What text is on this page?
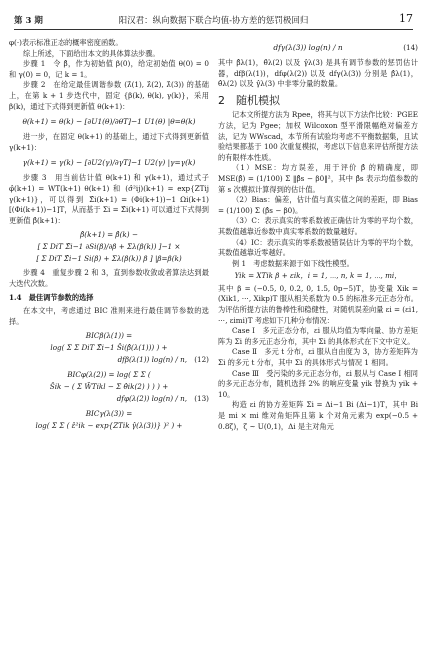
第 3 期	阳汉君：纵向数据下联合均值-协方差的惩罚极回归	17

φ(·)表示标准正态的概率密度函数。

综上所述，下面给出本文的具体算法步骤。

步骤 1　令 β̂，作为初始值 β(0)，给定初始值 θ(0) = 0 和 γ(0) = 0，记 k = 1。

步骤 2　在给定最佳调谐参数 (λ̂(1), λ̂(2), λ̂(3)) 的基础上，在第 k + 1 步迭代中，固定 {β(k), θ(k), γ(k)}，采用 β(k)，通过下式得到更新值 θ(k+1)：

θ(k+1) = θ(k) − [∂U1(θ)/∂θT]−1 U1(θ) |θ=θ(k)

进一步，在固定 θ(k+1) 的基础上，通过下式得到更新值 γ(k+1)：

γ(k+1) = γ(k) − [∂U2(γ)/∂γT]−1 U2(γ) |γ=γ(k)

步骤 3　用当前估计值 θ(k+1) 和 γ(k+1)，通过式子 φ̂(k+1) = WT(k+1) θ(k+1) 和 (σ̂²ij)(k+1) = exp{ZTij γ(k+1)}，可以得到 Σ̂i(k+1) = (Φi(k+1))−1 Ωi(k+1) [(Φi(k+1))−1]T，从而基于 Σi = Σ̂i(k+1) 可以通过下式得到更新值 β̂(k+1)：

β̂(k+1) = β̂(k) −
[ Σ DiT Σ̂i−1 ∂Si(β)/∂β + Σλ(β(k)) ]−1 ×
[ Σ DiT Σ̂i−1 Si(β) + Σλ(β(k)) β ] |β=β(k)

步骤 4　重复步骤 2 和 3，直到参数收敛或者算法达到最大迭代次数。

1.4　最佳调节参数的选择

在本文中，考虑通过 BIC 准则来进行最佳调节参数的选择。

BICβ(λ(1)) =
log( Σ Σ DiT Σ̂i−1 Ŝi(β̂(λ(1))) ) +
dfβ(λ(1)) log(n) / n, (12)
BICφ(λ(2)) = log( Σ Σ (
Ŝik − ( Σ W̃Tikl − Σ θ̂ik(2) ) ) ) +
dfφ(λ(2)) log(n) / n, (13)
BICγ(λ(3)) =
log( Σ Σ ( ε̂²ik − exp{ZTik γ̂(λ(3))} )² ) +
dfγ(λ(3)) log(n) / n	(14)

其中 β̂λ(1)，θ̂λ(2) 以及 γ̂λ(3) 是具有调节参数的惩罚估计器，dfβ(λ(1))，dfφ(λ(2)) 以及 dfγ(λ(3)) 分别是 β̂λ(1)，θ̂λ(2) 以及 γ̂λ(3) 中非零分量的数量。

2　随机模拟

记本文所提方法为 Rpee，将其与以下方法作比较：PGEE 方法，记为 Pgee；加权 Wilcoxon 型平滑限幅绝对偏差方法，记为 WWscad，本节所有试验均考虑不平衡数据集，且试验结果都基于 100 次重复模拟，考虑以下信息来评估所提方法的有限样本性质。

（1）MSE：均方误差，用于评价 β̂ 的精确度，即 MSE(β̂) = (1/100) Σ ‖β̂s − β0‖²，其中 β̂s 表示均值参数的第 s 次模拟计算得到的估计值。

（2）Bias：偏差，估计值与真实值之间的差距，即 Bias = (1/100) Σ (β̂s − β0)。

（3）C：表示真实的零系数被正确估计为零的平均个数，其数值越靠近参数中真实零系数的数量越好。

（4）IC：表示真实的零系数被错误估计为零的平均个数，其数值越靠近零越好。

例 1　考虑数据来源于如下线性模型。

Yik = XTik β + εik，i = 1, ⋯, n, k = 1, ⋯, mi，

其中 β = (−0.5, 0, 0.2, 0, 1.5, 0p−5)T，协变量 Xik = (Xik1, ⋯, Xikp)T 服从相关系数为 0.5 的标准多元正态分布。为评估所提方法的鲁棒性和稳健性，对随机误差向量 εi = (εi1, ⋯, εimi)T 考虑如下几种分布情况：

Case Ⅰ　多元正态分布，εi 服从均值为零向量、协方差矩阵为 Σi 的多元正态分布，其中 Σi 的具体形式在下文中定义。

Case Ⅱ　多元 t 分布，εi 服从自由度为 3，协方差矩阵为 Σi 的多元 t 分布，其中 Σi 的具体形式与情况 1 相同。

Case Ⅲ　受污染的多元正态分布，εi 服从与 Case Ⅰ 相同的多元正态分布，随机选择 2% 的响应变量 yik 替换为 yik + 10。

构造 εi 的协方差矩阵 Σi = Δi−1 Bi (Δi−1)T，其中 Bi 是 mi × mi 维对角矩阵且第 k 个对角元素为 exp(−0.5 + 0.8ζ)，ζ ~ U(0,1)，Δi 是主对角元
